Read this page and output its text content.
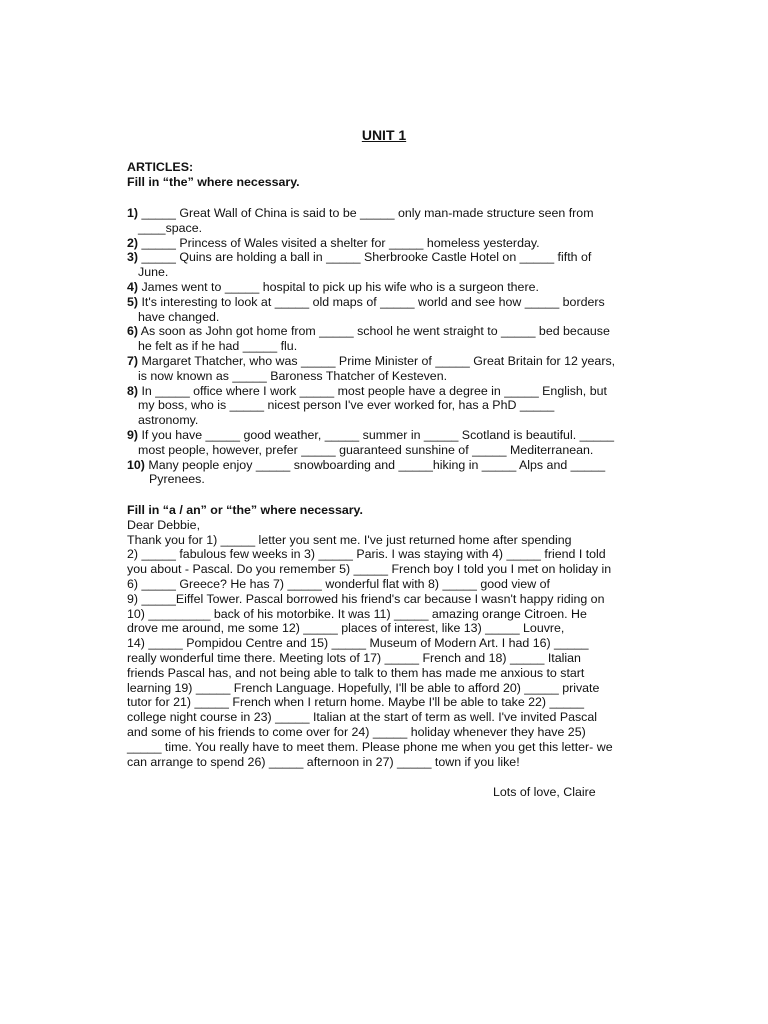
UNIT 1

ARTICLES:

Fill in “the” where necessary.

1) _____ Great Wall of China is said to be _____ only man-made structure seen from
____space.
2) _____ Princess of Wales visited a shelter for _____ homeless yesterday.
3) _____ Quins are holding a ball in _____ Sherbrooke Castle Hotel on _____ fifth of
June.
4) James went to _____ hospital to pick up his wife who is a surgeon there.
5) It's interesting to look at _____ old maps of _____ world and see how _____ borders
have changed.
6) As soon as John got home from _____ school he went straight to _____ bed because
he felt as if he had _____ flu.
7) Margaret Thatcher, who was _____ Prime Minister of _____ Great Britain for 12 years,
is now known as _____ Baroness Thatcher of Kesteven.
8) In _____ office where I work _____ most people have a degree in _____ English, but
my boss, who is _____ nicest person I've ever worked for, has a PhD _____
astronomy.
9) If you have _____ good weather, _____ summer in _____ Scotland is beautiful. _____
most people, however, prefer _____ guaranteed sunshine of _____ Mediterranean.
10) Many people enjoy _____ snowboarding and _____hiking in _____ Alps and _____
Pyrenees.

Fill in “a / an” or “the” where necessary.

Dear Debbie,
Thank you for 1) _____ letter you sent me. I've just returned home after spending
2) _____ fabulous few weeks in 3) _____ Paris. I was staying with 4) _____ friend I told
you about - Pascal. Do you remember 5) _____ French boy I told you I met on holiday in
6) _____ Greece? He has 7) _____ wonderful flat with 8) _____ good view of
9) _____Eiffel Tower. Pascal borrowed his friend's car because I wasn't happy riding on
10) _________ back of his motorbike. It was 11) _____ amazing orange Citroen. He
drove me around, me some 12) _____ places of interest, like 13) _____ Louvre,
14) _____ Pompidou Centre and 15) _____ Museum of Modern Art. I had 16) _____
really wonderful time there. Meeting lots of 17) _____ French and 18) _____ Italian
friends Pascal has, and not being able to talk to them has made me anxious to start
learning 19) _____ French Language. Hopefully, I'll be able to afford 20) _____ private
tutor for 21) _____ French when I return home. Maybe I'll be able to take 22) _____
college night course in 23) _____ Italian at the start of term as well. I've invited Pascal
and some of his friends to come over for 24) _____ holiday whenever they have 25)
_____ time. You really have to meet them. Please phone me when you get this letter- we
can arrange to spend 26) _____ afternoon in 27) _____ town if you like!
Lots of love, Claire
